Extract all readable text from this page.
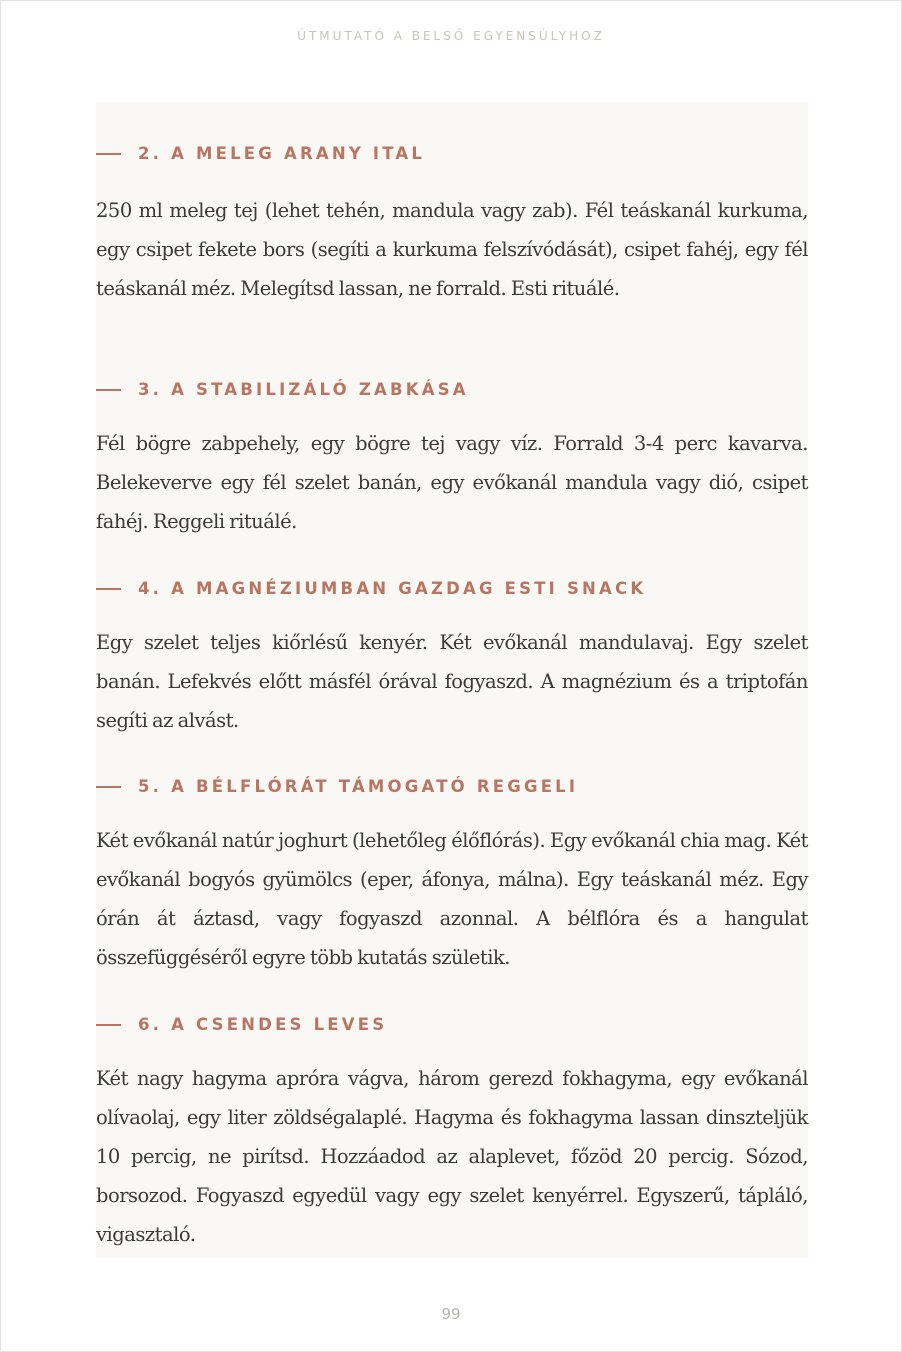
ÚTMUTATÓ A BELSŐ EGYENSÚLYHOZ
2. A MELEG ARANY ITAL

250 ml meleg tej (lehet tehén, mandula vagy zab). Fél teáskanál kurkuma, egy csipet fekete bors (segíti a kurkuma felszívódását), csipet fahéj, egy fél teáskanál méz. Melegítsd lassan, ne forrald. Esti rituálé.

3. A STABILIZÁLÓ ZABKÁSA

Fél bögre zabpehely, egy bögre tej vagy víz. Forrald 3-4 perc kavarva. Belekeverve egy fél szelet banán, egy evőkanál mandula vagy dió, csipet fahéj. Reggeli rituálé.

4. A MAGNÉZIUMBAN GAZDAG ESTI SNACK

Egy szelet teljes kiőrlésű kenyér. Két evőkanál mandulavaj. Egy szelet banán. Lefekvés előtt másfél órával fogyaszd. A magnézium és a triptofán segíti az alvást.

5. A BÉLFLÓRÁT TÁMOGATÓ REGGELI

Két evőkanál natúr joghurt (lehetőleg élőflórás). Egy evőkanál chia mag. Két evőkanál bogyós gyümölcs (eper, áfonya, málna). Egy teáskanál méz. Egy órán át áztasd, vagy fogyaszd azonnal. A bélflóra és a hangulat összefüggéséről egyre több kutatás születik.

6. A CSENDES LEVES

Két nagy hagyma apróra vágva, három gerezd fokhagyma, egy evőkanál olívaolaj, egy liter zöldségalaplé. Hagyma és fokhagyma lassan dinszteljük 10 percig, ne pirítsd. Hozzáadod az alaplevet, főzöd 20 percig. Sózod, borsozod. Fogyaszd egyedül vagy egy szelet kenyérrel. Egyszerű, tápláló, vigasztaló.

99
